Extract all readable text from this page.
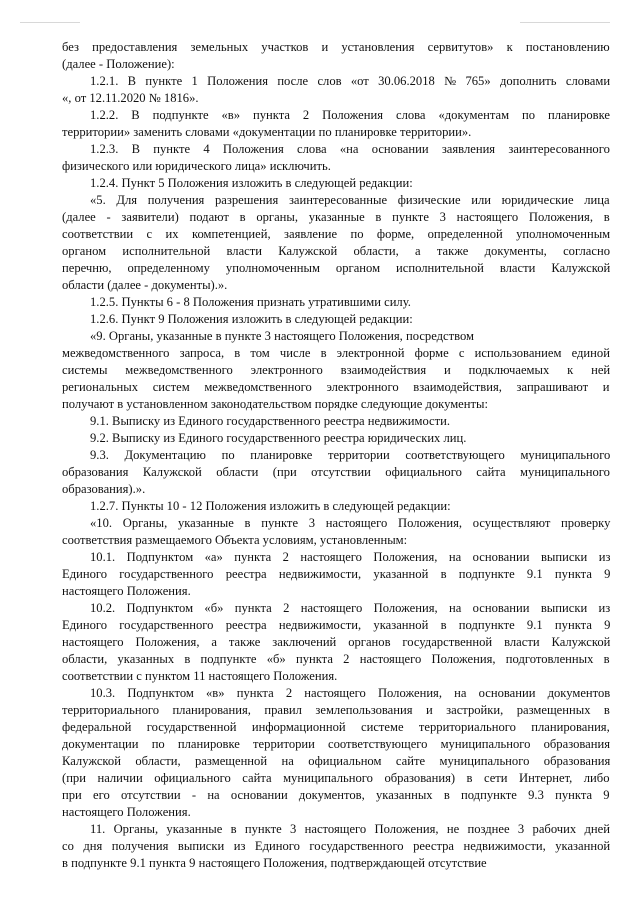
без предоставления земельных участков и установления сервитутов» к постановлению
(далее - Положение):
1.2.1. В пункте 1 Положения после слов «от 30.06.2018 № 765» дополнить словами
«, от 12.11.2020 № 1816».
1.2.2. В подпункте «в» пункта 2 Положения слова «документам по планировке
территории» заменить словами «документации по планировке территории».
1.2.3. В пункте 4 Положения слова «на основании заявления заинтересованного
физического или юридического лица» исключить.
1.2.4. Пункт 5 Положения изложить в следующей редакции:
«5. Для получения разрешения заинтересованные физические или юридические лица
(далее - заявители) подают в органы, указанные в пункте 3 настоящего Положения, в
соответствии с их компетенцией, заявление по форме, определенной уполномоченным
органом исполнительной власти Калужской области, а также документы, согласно
перечню, определенному уполномоченным органом исполнительной власти Калужской
области (далее - документы).».
1.2.5. Пункты 6 - 8 Положения признать утратившими силу.
1.2.6. Пункт 9 Положения изложить в следующей редакции:
«9. Органы, указанные в пункте 3 настоящего Положения, посредством
межведомственного запроса, в том числе в электронной форме с использованием единой
системы межведомственного электронного взаимодействия и подключаемых к ней
региональных систем межведомственного электронного взаимодействия, запрашивают и
получают в установленном законодательством порядке следующие документы:
9.1. Выписку из Единого государственного реестра недвижимости.
9.2. Выписку из Единого государственного реестра юридических лиц.
9.3. Документацию по планировке территории соответствующего муниципального
образования Калужской области (при отсутствии официального сайта муниципального
образования).».
1.2.7. Пункты 10 - 12 Положения изложить в следующей редакции:
«10. Органы, указанные в пункте 3 настоящего Положения, осуществляют проверку
соответствия размещаемого Объекта условиям, установленным:
10.1. Подпунктом «а» пункта 2 настоящего Положения, на основании выписки из
Единого государственного реестра недвижимости, указанной в подпункте 9.1 пункта 9
настоящего Положения.
10.2. Подпунктом «б» пункта 2 настоящего Положения, на основании выписки из
Единого государственного реестра недвижимости, указанной в подпункте 9.1 пункта 9
настоящего Положения, а также заключений органов государственной власти Калужской
области, указанных в подпункте «б» пункта 2 настоящего Положения, подготовленных в
соответствии с пунктом 11 настоящего Положения.
10.3. Подпунктом «в» пункта 2 настоящего Положения, на основании документов
территориального планирования, правил землепользования и застройки, размещенных в
федеральной государственной информационной системе территориального планирования,
документации по планировке территории соответствующего муниципального образования
Калужской области, размещенной на официальном сайте муниципального образования
(при наличии официального сайта муниципального образования) в сети Интернет, либо
при его отсутствии - на основании документов, указанных в подпункте 9.3 пункта 9
настоящего Положения.
11. Органы, указанные в пункте 3 настоящего Положения, не позднее 3 рабочих дней
со дня получения выписки из Единого государственного реестра недвижимости, указанной
в подпункте 9.1 пункта 9 настоящего Положения, подтверждающей отсутствие
